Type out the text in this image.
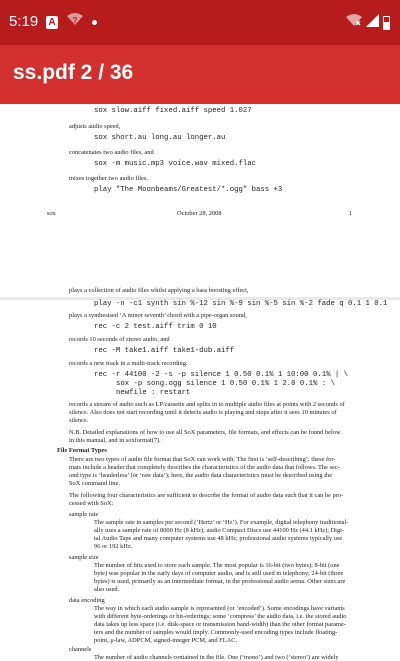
5:19 A ?
ss.pdf 2 / 36
sox slow.aiff fixed.aiff speed 1.027
adjusts audio speed,
sox short.au long.au longer.au
concatenates two audio files, and
sox -m music.mp3 voice.wav mixed.flac
mixes together two audio files.
play "The Moonbeams/Greatest/*.ogg" bass +3
sox	October 28, 2008	1
plays a collection of audio files whilst applying a bass boosting effect,
play -n -c1 synth sin %-12 sin %-9 sin %-5 sin %-2 fade q 0.1 1 0.1
plays a synthesised ‘A minor seventh’ chord with a pipe-organ sound,
rec -c 2 test.aiff trim 0 10
records 10 seconds of stereo audio, and
rec -M take1.aiff take1-dub.aiff
records a new track in a multi-track recording.
rec -r 44100 -2 -s -p silence 1 0.50 0.1% 1 10:00 0.1% | \
sox -p song.ogg silence 1 0.50 0.1% 1 2.0 0.1% : \
newfile : restart
records a stream of audio such as LP/cassette and splits in to multiple audio files at points with 2 seconds of
silence. Also does not start recording until it detects audio is playing and stops after it sees 10 minutes of
silence.
N.B. Detailed explanations of how to use all SoX parameters, file formats, and effects can be found below
in this manual, and in soxformat(7).
File Format Types
There are two types of audio file format that SoX can work with. The first is ‘self-describing’; these for-
mats include a header that completely describes the characteristics of the audio data that follows. The sec-
ond type is ‘headerless’ (or ‘raw data’); here, the audio data characteristics must be described using the
SoX command line.
The following four characteristics are sufficient to describe the format of audio data such that it can be pro-
cessed with SoX:
sample rate
The sample rate in samples per second (‘Hertz’ or ‘Hz’). For example, digital telephony traditional-
ally uses a sample rate of 8000 Hz (8 kHz); audio Compact Discs use 44100 Hz (44.1 kHz); Digi-
tal Audio Tape and many computer systems use 48 kHz; professional audio systems typically use
96 or 192 kHz.
sample size
The number of bits used to store each sample. The most popular is 16-bit (two bytes); 8-bit (one
byte) was popular in the early days of computer audio, and is still used in telephony; 24-bit (three
bytes) is used, primarily as an intermediate format, in the professional audio arena. Other sizes are
also used.
data encoding
The way in which each audio sample is represented (or ‘encoded’). Some encodings have variants
with different byte-orderings or bit-orderings; some ‘compress’ the audio data, i.e. the stored audio
data takes up less space (i.e. disk-space or transmission band-width) than the other format parame-
ters and the number of samples would imply. Commonly-used encoding types include floating-
point, μ-law, ADPCM, signed-integer PCM, and FLAC.
channels
The number of audio channels contained in the file. One (‘mono’) and two (‘stereo’) are widely
